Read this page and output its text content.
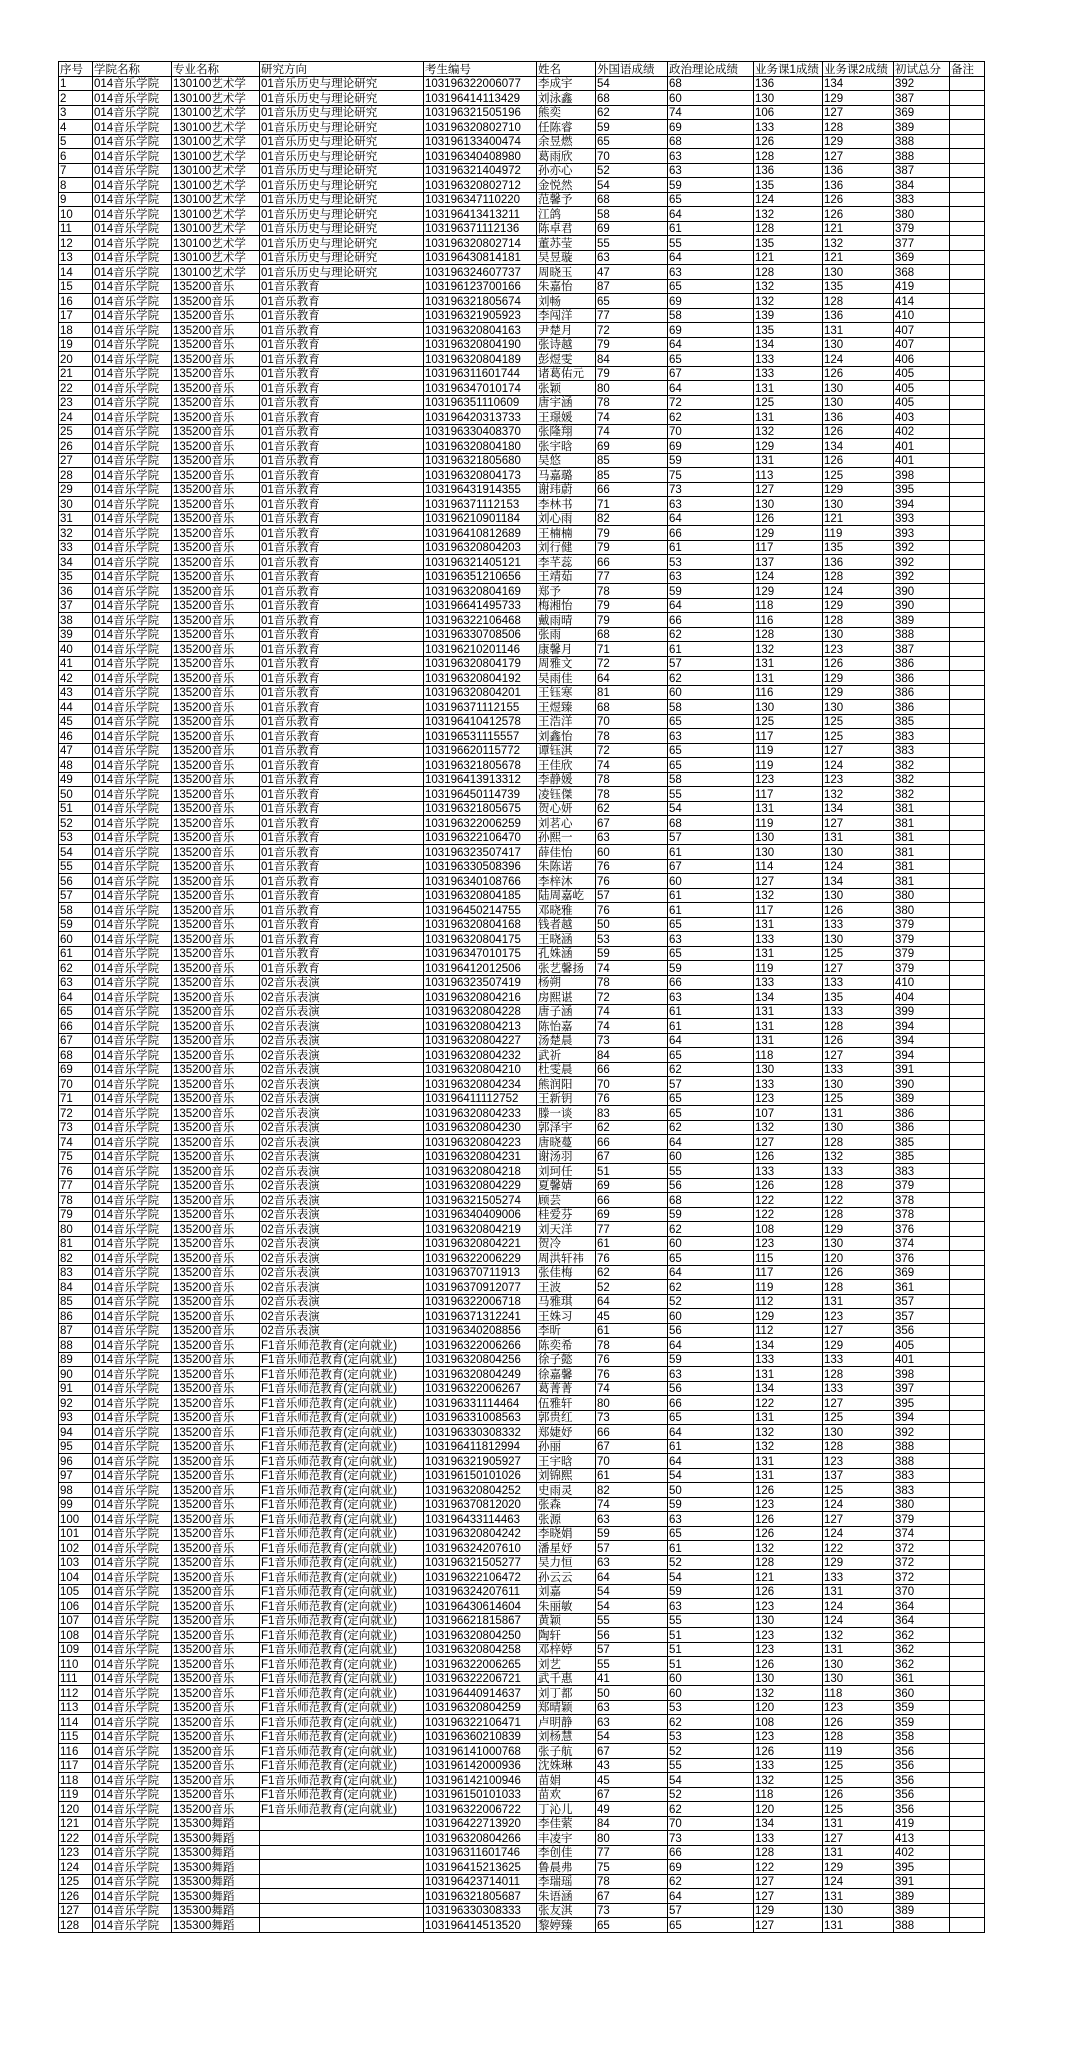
序号	学院名称	专业名称	研究方向	考生编号	姓名	外国语成绩	政治理论成绩	业务课1成绩	业务课2成绩	初试总分	备注
1	014音乐学院	130100艺术学	01音乐历史与理论研究	103196322006077	李成宇	54	68	136	134	392	
2	014音乐学院	130100艺术学	01音乐历史与理论研究	103196414113429	刘泳鑫	68	60	130	129	387	
3	014音乐学院	130100艺术学	01音乐历史与理论研究	103196321505196	熊奕	62	74	106	127	369	
4	014音乐学院	130100艺术学	01音乐历史与理论研究	103196320802710	任陈睿	59	69	133	128	389	
5	014音乐学院	130100艺术学	01音乐历史与理论研究	103196133400474	余昱燃	65	68	126	129	388	
6	014音乐学院	130100艺术学	01音乐历史与理论研究	103196340408980	葛雨欣	70	63	128	127	388	
7	014音乐学院	130100艺术学	01音乐历史与理论研究	103196321404972	孙亦心	52	63	136	136	387	
8	014音乐学院	130100艺术学	01音乐历史与理论研究	103196320802712	金悦然	54	59	135	136	384	
9	014音乐学院	130100艺术学	01音乐历史与理论研究	103196347110220	范馨予	68	65	124	126	383	
10	014音乐学院	130100艺术学	01音乐历史与理论研究	103196413413211	江鸽	58	64	132	126	380	
11	014音乐学院	130100艺术学	01音乐历史与理论研究	103196371112136	陈卓君	69	61	128	121	379	
12	014音乐学院	130100艺术学	01音乐历史与理论研究	103196320802714	董苏莹	55	55	135	132	377	
13	014音乐学院	130100艺术学	01音乐历史与理论研究	103196430814181	吴昱璇	63	64	121	121	369	
14	014音乐学院	130100艺术学	01音乐历史与理论研究	103196324607737	周晓玉	47	63	128	130	368	
15	014音乐学院	135200音乐	01音乐教育	103196123700166	朱嘉怡	87	65	132	135	419	
16	014音乐学院	135200音乐	01音乐教育	103196321805674	刘畅	65	69	132	128	414	
17	014音乐学院	135200音乐	01音乐教育	103196321905923	李闯洋	77	58	139	136	410	
18	014音乐学院	135200音乐	01音乐教育	103196320804163	尹楚月	72	69	135	131	407	
19	014音乐学院	135200音乐	01音乐教育	103196320804190	张诗越	79	64	134	130	407	
20	014音乐学院	135200音乐	01音乐教育	103196320804189	彭煜雯	84	65	133	124	406	
21	014音乐学院	135200音乐	01音乐教育	103196311601744	诸葛佑元	79	67	133	126	405	
22	014音乐学院	135200音乐	01音乐教育	103196347010174	张颖	80	64	131	130	405	
23	014音乐学院	135200音乐	01音乐教育	103196351110609	唐宇涵	78	72	125	130	405	
24	014音乐学院	135200音乐	01音乐教育	103196420313733	王璟媛	74	62	131	136	403	
25	014音乐学院	135200音乐	01音乐教育	103196330408370	张隆翔	74	70	132	126	402	
26	014音乐学院	135200音乐	01音乐教育	103196320804180	张宇晗	69	69	129	134	401	
27	014音乐学院	135200音乐	01音乐教育	103196321805680	吴悠	85	59	131	126	401	
28	014音乐学院	135200音乐	01音乐教育	103196320804173	马嘉璐	85	75	113	125	398	
29	014音乐学院	135200音乐	01音乐教育	103196431914355	谢玮蔚	66	73	127	129	395	
30	014音乐学院	135200音乐	01音乐教育	103196371112153	李林书	71	63	130	130	394	
31	014音乐学院	135200音乐	01音乐教育	103196210901184	刘心雨	82	64	126	121	393	
32	014音乐学院	135200音乐	01音乐教育	103196410812689	王楠楠	79	66	129	119	393	
33	014音乐学院	135200音乐	01音乐教育	103196320804203	刘行健	79	61	117	135	392	
34	014音乐学院	135200音乐	01音乐教育	103196321405121	李芊蕊	66	53	137	136	392	
35	014音乐学院	135200音乐	01音乐教育	103196351210656	王靖茹	77	63	124	128	392	
36	014音乐学院	135200音乐	01音乐教育	103196320804169	郑予	78	59	129	124	390	
37	014音乐学院	135200音乐	01音乐教育	103196641495733	梅湘怡	79	64	118	129	390	
38	014音乐学院	135200音乐	01音乐教育	103196322106468	戴雨晴	79	66	116	128	389	
39	014音乐学院	135200音乐	01音乐教育	103196330708506	张雨	68	62	128	130	388	
40	014音乐学院	135200音乐	01音乐教育	103196210201146	康馨月	71	61	132	123	387	
41	014音乐学院	135200音乐	01音乐教育	103196320804179	周雅文	72	57	131	126	386	
42	014音乐学院	135200音乐	01音乐教育	103196320804192	吴雨佳	64	62	131	129	386	
43	014音乐学院	135200音乐	01音乐教育	103196320804201	王钰寒	81	60	116	129	386	
44	014音乐学院	135200音乐	01音乐教育	103196371112155	王煜臻	68	58	130	130	386	
45	014音乐学院	135200音乐	01音乐教育	103196410412578	王浩洋	70	65	125	125	385	
46	014音乐学院	135200音乐	01音乐教育	103196531115557	刘鑫怡	78	63	117	125	383	
47	014音乐学院	135200音乐	01音乐教育	103196620115772	谭钰淇	72	65	119	127	383	
48	014音乐学院	135200音乐	01音乐教育	103196321805678	王佳欣	74	65	119	124	382	
49	014音乐学院	135200音乐	01音乐教育	103196413913312	李静媛	78	58	123	123	382	
50	014音乐学院	135200音乐	01音乐教育	103196450114739	凌钰傑	78	55	117	132	382	
51	014音乐学院	135200音乐	01音乐教育	103196321805675	贺心妍	62	54	131	134	381	
52	014音乐学院	135200音乐	01音乐教育	103196322006259	刘茗心	67	68	119	127	381	
53	014音乐学院	135200音乐	01音乐教育	103196322106470	孙熙一	63	57	130	131	381	
54	014音乐学院	135200音乐	01音乐教育	103196323507417	薛佳怡	60	61	130	130	381	
55	014音乐学院	135200音乐	01音乐教育	103196330508396	朱陈诺	76	67	114	124	381	
56	014音乐学院	135200音乐	01音乐教育	103196340108766	李梓沐	76	60	127	134	381	
57	014音乐学院	135200音乐	01音乐教育	103196320804185	陆周嘉屹	57	61	132	130	380	
58	014音乐学院	135200音乐	01音乐教育	103196450214755	邓晓雅	76	61	117	126	380	
59	014音乐学院	135200音乐	01音乐教育	103196320804168	钱者越	50	65	131	133	379	
60	014音乐学院	135200音乐	01音乐教育	103196320804175	王晓涵	53	63	133	130	379	
61	014音乐学院	135200音乐	01音乐教育	103196347010175	孔姝涵	59	65	131	125	379	
62	014音乐学院	135200音乐	01音乐教育	103196412012506	张艺馨扬	74	59	119	127	379	
63	014音乐学院	135200音乐	02音乐表演	103196323507419	杨朔	78	66	133	133	410	
64	014音乐学院	135200音乐	02音乐表演	103196320804216	房熙谌	72	63	134	135	404	
65	014音乐学院	135200音乐	02音乐表演	103196320804228	唐子涵	74	61	131	133	399	
66	014音乐学院	135200音乐	02音乐表演	103196320804213	陈怡嘉	74	61	131	128	394	
67	014音乐学院	135200音乐	02音乐表演	103196320804227	汤楚晨	73	64	131	126	394	
68	014音乐学院	135200音乐	02音乐表演	103196320804232	武祈	84	65	118	127	394	
69	014音乐学院	135200音乐	02音乐表演	103196320804210	杜雯晨	66	62	130	133	391	
70	014音乐学院	135200音乐	02音乐表演	103196320804234	熊润阳	70	57	133	130	390	
71	014音乐学院	135200音乐	02音乐表演	103196411112752	王新钥	76	65	123	125	389	
72	014音乐学院	135200音乐	02音乐表演	103196320804233	滕一谈	83	65	107	131	386	
73	014音乐学院	135200音乐	02音乐表演	103196320804230	郭泽宇	62	62	132	130	386	
74	014音乐学院	135200音乐	02音乐表演	103196320804223	唐晓蔓	66	64	127	128	385	
75	014音乐学院	135200音乐	02音乐表演	103196320804231	谢汤羽	67	60	126	132	385	
76	014音乐学院	135200音乐	02音乐表演	103196320804218	刘珂任	51	55	133	133	383	
77	014音乐学院	135200音乐	02音乐表演	103196320804229	夏馨婧	69	56	126	128	379	
78	014音乐学院	135200音乐	02音乐表演	103196321505274	顾芸	66	68	122	122	378	
79	014音乐学院	135200音乐	02音乐表演	103196340409006	桂爱芬	69	59	122	128	378	
80	014音乐学院	135200音乐	02音乐表演	103196320804219	刘天洋	77	62	108	129	376	
81	014音乐学院	135200音乐	02音乐表演	103196320804221	贺冷	61	60	123	130	374	
82	014音乐学院	135200音乐	02音乐表演	103196322006229	周洪轩祎	76	65	115	120	376	
83	014音乐学院	135200音乐	02音乐表演	103196370711913	张佳梅	62	64	117	126	369	
84	014音乐学院	135200音乐	02音乐表演	103196370912077	王波	52	62	119	128	361	
85	014音乐学院	135200音乐	02音乐表演	103196322006718	马雅琪	64	52	112	131	357	
86	014音乐学院	135200音乐	02音乐表演	103196371312241	王姝习	45	60	129	123	357	
87	014音乐学院	135200音乐	02音乐表演	103196340208856	李昕	61	56	112	127	356	
88	014音乐学院	135200音乐	F1音乐师范教育(定向就业)	103196322006266	陈奕希	78	64	134	129	405	
89	014音乐学院	135200音乐	F1音乐师范教育(定向就业)	103196320804256	徐子懿	76	59	133	133	401	
90	014音乐学院	135200音乐	F1音乐师范教育(定向就业)	103196320804249	徐嘉馨	76	63	131	128	398	
91	014音乐学院	135200音乐	F1音乐师范教育(定向就业)	103196322006267	葛菁菁	74	56	134	133	397	
92	014音乐学院	135200音乐	F1音乐师范教育(定向就业)	103196331114464	伍雅轩	80	66	122	127	395	
93	014音乐学院	135200音乐	F1音乐师范教育(定向就业)	103196331008563	郭贵红	73	65	131	125	394	
94	014音乐学院	135200音乐	F1音乐师范教育(定向就业)	103196330308332	郑婕妤	66	64	132	130	392	
95	014音乐学院	135200音乐	F1音乐师范教育(定向就业)	103196411812994	孙丽	67	61	132	128	388	
96	014音乐学院	135200音乐	F1音乐师范教育(定向就业)	103196321905927	王宇晗	70	64	131	123	388	
97	014音乐学院	135200音乐	F1音乐师范教育(定向就业)	103196150101026	刘锦熙	61	54	131	137	383	
98	014音乐学院	135200音乐	F1音乐师范教育(定向就业)	103196320804252	史雨灵	82	50	126	125	383	
99	014音乐学院	135200音乐	F1音乐师范教育(定向就业)	103196370812020	张森	74	59	123	124	380	
100	014音乐学院	135200音乐	F1音乐师范教育(定向就业)	103196433114463	张源	63	63	126	127	379	
101	014音乐学院	135200音乐	F1音乐师范教育(定向就业)	103196320804242	李晓娟	59	65	126	124	374	
102	014音乐学院	135200音乐	F1音乐师范教育(定向就业)	103196324207610	潘星妤	57	61	132	122	372	
103	014音乐学院	135200音乐	F1音乐师范教育(定向就业)	103196321505277	吴力恒	63	52	128	129	372	
104	014音乐学院	135200音乐	F1音乐师范教育(定向就业)	103196322106472	孙云云	64	54	121	133	372	
105	014音乐学院	135200音乐	F1音乐师范教育(定向就业)	103196324207611	刘嘉	54	59	126	131	370	
106	014音乐学院	135200音乐	F1音乐师范教育(定向就业)	103196430614604	朱丽敏	54	63	123	124	364	
107	014音乐学院	135200音乐	F1音乐师范教育(定向就业)	103196621815867	黄颖	55	55	130	124	364	
108	014音乐学院	135200音乐	F1音乐师范教育(定向就业)	103196320804250	陶轩	56	51	123	132	362	
109	014音乐学院	135200音乐	F1音乐师范教育(定向就业)	103196320804258	邓梓婷	57	51	123	131	362	
110	014音乐学院	135200音乐	F1音乐师范教育(定向就业)	103196322006265	刘艺	55	51	126	130	362	
111	014音乐学院	135200音乐	F1音乐师范教育(定向就业)	103196322206721	武千惠	41	60	130	130	361	
112	014音乐学院	135200音乐	F1音乐师范教育(定向就业)	103196440914637	刘丁都	50	60	132	118	360	
113	014音乐学院	135200音乐	F1音乐师范教育(定向就业)	103196320804259	郑晴颖	63	53	120	123	359	
114	014音乐学院	135200音乐	F1音乐师范教育(定向就业)	103196322106471	卢明静	63	62	108	126	359	
115	014音乐学院	135200音乐	F1音乐师范教育(定向就业)	103196360210839	刘杨慧	54	53	123	128	358	
116	014音乐学院	135200音乐	F1音乐师范教育(定向就业)	103196141000768	张子航	67	52	126	119	356	
117	014音乐学院	135200音乐	F1音乐师范教育(定向就业)	103196142000936	沈姝琳	43	55	133	125	356	
118	014音乐学院	135200音乐	F1音乐师范教育(定向就业)	103196142100946	苗娟	45	54	132	125	356	
119	014音乐学院	135200音乐	F1音乐师范教育(定向就业)	103196150101033	苗欢	67	52	118	126	356	
120	014音乐学院	135200音乐	F1音乐师范教育(定向就业)	103196322006722	丁沁儿	49	62	120	125	356	
121	014音乐学院	135300舞蹈		103196422713920	李佳萦	84	70	134	131	419	
122	014音乐学院	135300舞蹈		103196320804266	丰凌宇	80	73	133	127	413	
123	014音乐学院	135300舞蹈		103196311601746	李创佳	77	66	128	131	402	
124	014音乐学院	135300舞蹈		103196415213625	鲁晨弗	75	69	122	129	395	
125	014音乐学院	135300舞蹈		103196423714011	李瑞瑶	78	62	127	124	391	
126	014音乐学院	135300舞蹈		103196321805687	朱语涵	67	64	127	131	389	
127	014音乐学院	135300舞蹈		103196330308333	张友淇	73	57	129	130	389	
128	014音乐学院	135300舞蹈		103196414513520	黎婷臻	65	65	127	131	388	
